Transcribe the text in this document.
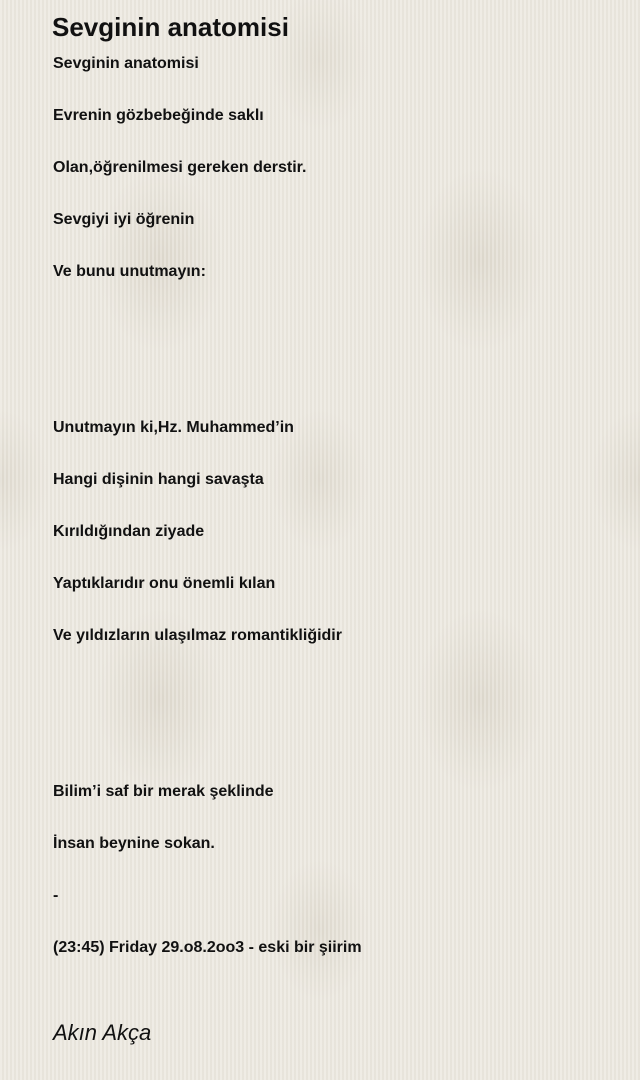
Sevginin anatomisi
Sevginin anatomisi
Evrenin gözbebeğinde saklı
Olan,öğrenilmesi gereken derstir.
Sevgiyi iyi öğrenin
Ve bunu unutmayın:
Unutmayın ki,Hz. Muhammed’in
Hangi dişinin hangi savaşta
Kırıldığından ziyade
Yaptıklarıdır onu önemli kılan
Ve yıldızların ulaşılmaz romantikliğidir
Bilim’i saf bir merak şeklinde
İnsan beynine sokan.
-
(23:45) Friday 29.o8.2oo3 - eski bir şiirim
Akın Akça
